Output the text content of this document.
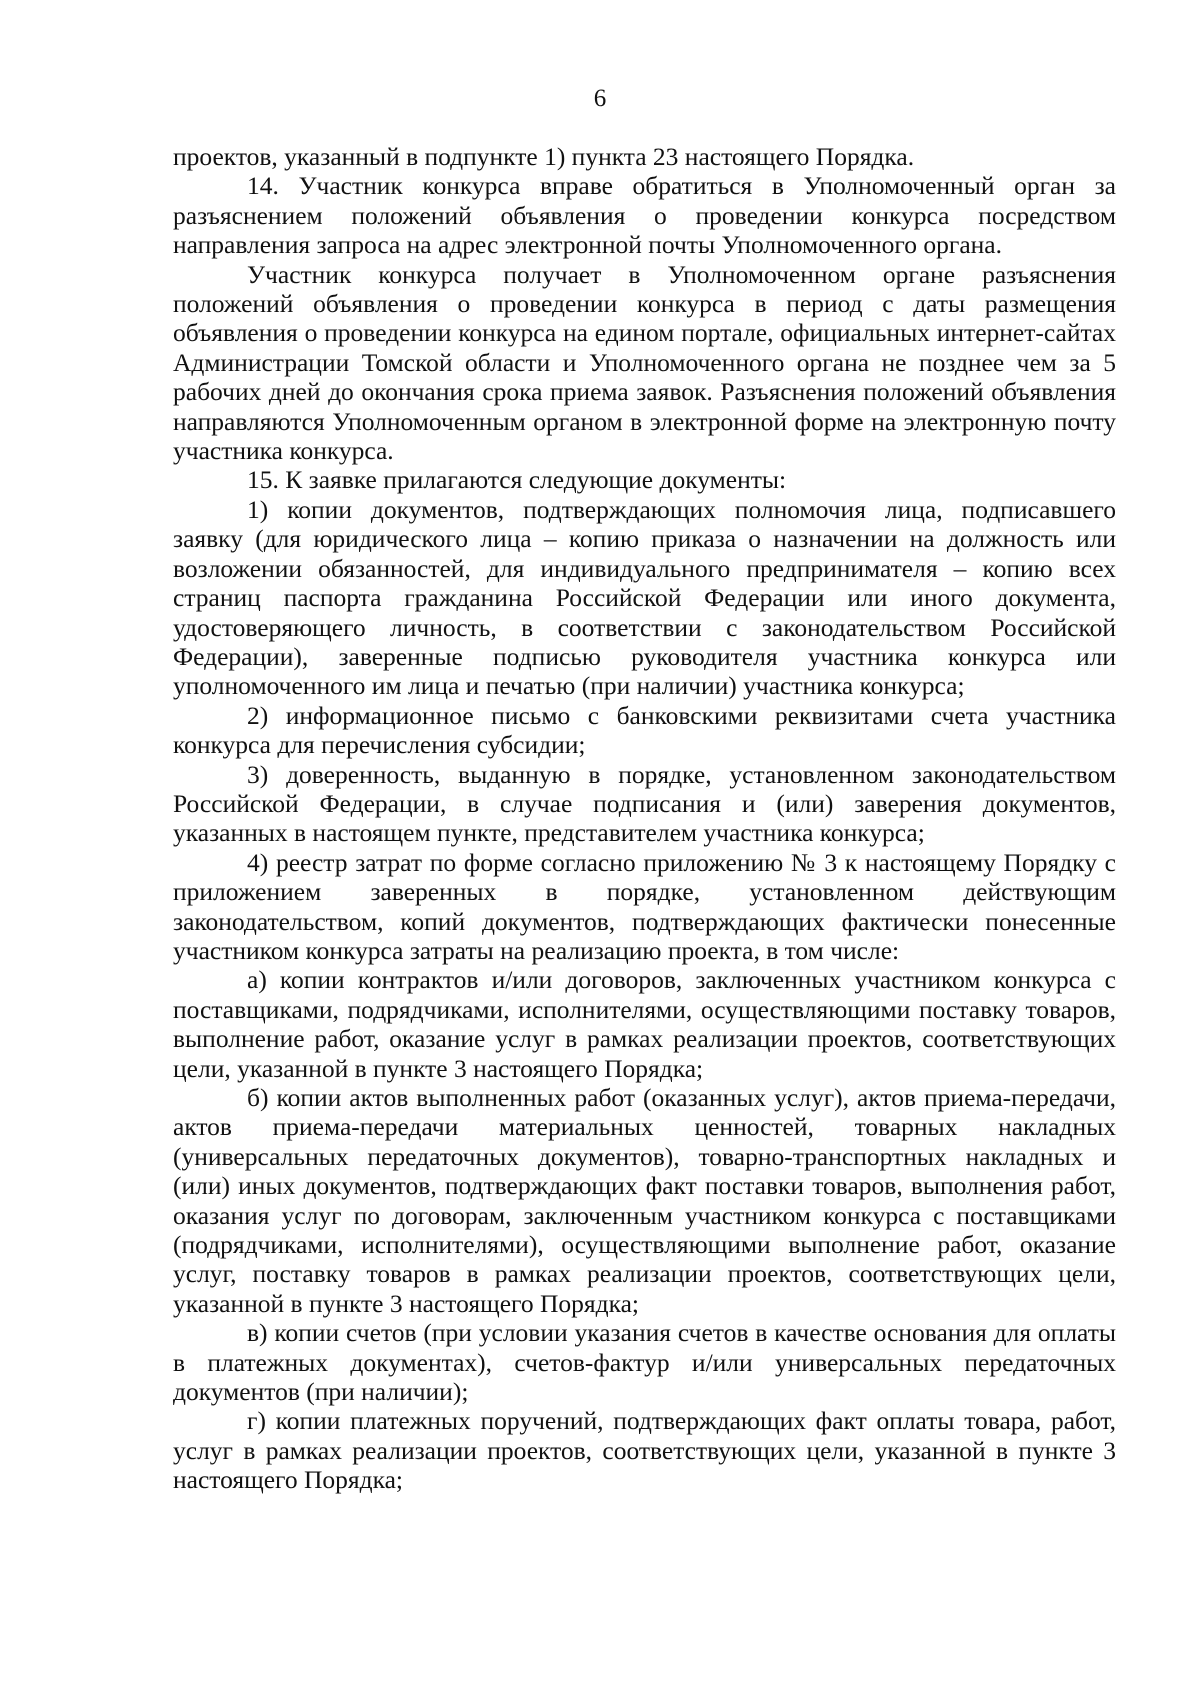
6

проектов, указанный в подпункте 1) пункта 23 настоящего Порядка.

14. Участник конкурса вправе обратиться в Уполномоченный орган за разъяснением положений объявления о проведении конкурса посредством направления запроса на адрес электронной почты Уполномоченного органа.

Участник конкурса получает в Уполномоченном органе разъяснения положений объявления о проведении конкурса в период с даты размещения объявления о проведении конкурса на едином портале, официальных интернет-сайтах Администрации Томской области и Уполномоченного органа не позднее чем за 5 рабочих дней до окончания срока приема заявок. Разъяснения положений объявления направляются Уполномоченным органом в электронной форме на электронную почту участника конкурса.

15. К заявке прилагаются следующие документы:

1) копии документов, подтверждающих полномочия лица, подписавшего заявку (для юридического лица – копию приказа о назначении на должность или возложении обязанностей, для индивидуального предпринимателя – копию всех страниц паспорта гражданина Российской Федерации или иного документа, удостоверяющего личность, в соответствии с законодательством Российской Федерации), заверенные подписью руководителя участника конкурса или уполномоченного им лица и печатью (при наличии) участника конкурса;

2) информационное письмо с банковскими реквизитами счета участника конкурса для перечисления субсидии;

3) доверенность, выданную в порядке, установленном законодательством Российской Федерации, в случае подписания и (или) заверения документов, указанных в настоящем пункте, представителем участника конкурса;

4) реестр затрат по форме согласно приложению № 3 к настоящему Порядку с приложением заверенных в порядке, установленном действующим законодательством, копий документов, подтверждающих фактически понесенные участником конкурса затраты на реализацию проекта, в том числе:

а) копии контрактов и/или договоров, заключенных участником конкурса с поставщиками, подрядчиками, исполнителями, осуществляющими поставку товаров, выполнение работ, оказание услуг в рамках реализации проектов, соответствующих цели, указанной в пункте 3 настоящего Порядка;

б) копии актов выполненных работ (оказанных услуг), актов приема-передачи, актов приема-передачи материальных ценностей, товарных накладных (универсальных передаточных документов), товарно-транспортных накладных и (или) иных документов, подтверждающих факт поставки товаров, выполнения работ, оказания услуг по договорам, заключенным участником конкурса с поставщиками (подрядчиками, исполнителями), осуществляющими выполнение работ, оказание услуг, поставку товаров в рамках реализации проектов, соответствующих цели, указанной в пункте 3 настоящего Порядка;

в) копии счетов (при условии указания счетов в качестве основания для оплаты в платежных документах), счетов-фактур и/или универсальных передаточных документов (при наличии);

г) копии платежных поручений, подтверждающих факт оплаты товара, работ, услуг в рамках реализации проектов, соответствующих цели, указанной в пункте 3 настоящего Порядка;
